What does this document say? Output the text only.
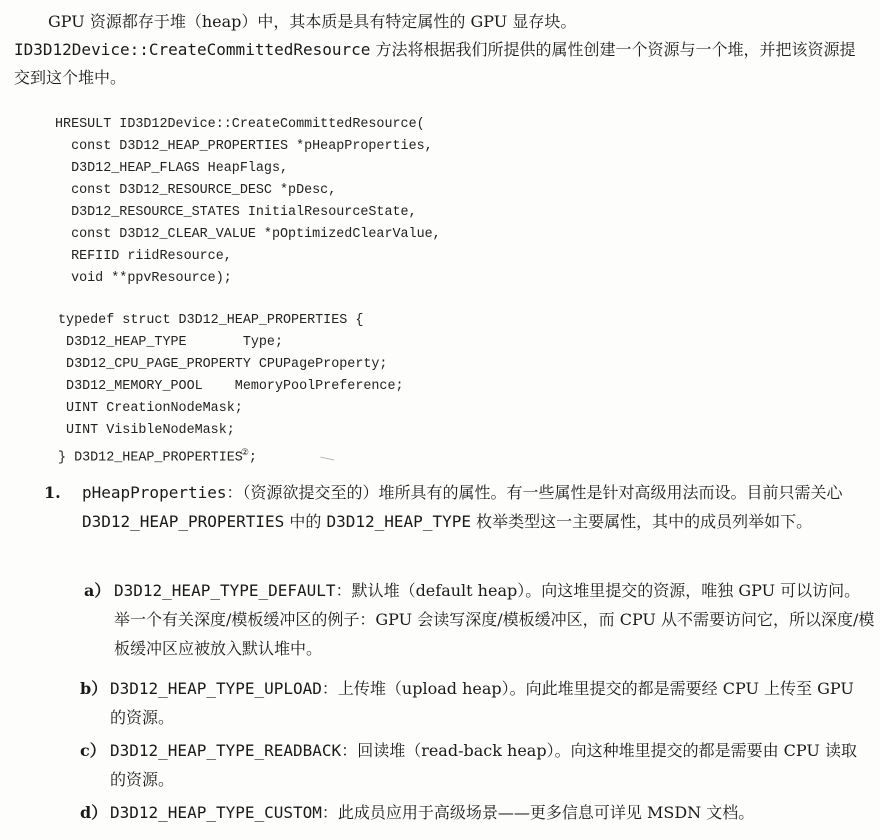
GPU 资源都存于堆（heap）中，其本质是具有特定属性的 GPU 显存块。ID3D12Device::CreateCommittedResource 方法将根据我们所提供的属性创建一个资源与一个堆，并把该资源提交到这个堆中。
HRESULT ID3D12Device::CreateCommittedResource(
const D3D12_HEAP_PROPERTIES *pHeapProperties,
D3D12_HEAP_FLAGS HeapFlags,
const D3D12_RESOURCE_DESC *pDesc,
D3D12_RESOURCE_STATES InitialResourceState,
const D3D12_CLEAR_VALUE *pOptimizedClearValue,
REFIID riidResource,
void **ppvResource);
typedef struct D3D12_HEAP_PROPERTIES {
D3D12_HEAP_TYPE       Type;
D3D12_CPU_PAGE_PROPERTY CPUPageProperty;
D3D12_MEMORY_POOL    MemoryPoolPreference;
UINT CreationNodeMask;
UINT VisibleNodeMask;
} D3D12_HEAP_PROPERTIES②;
1. pHeapProperties：（资源欲提交至的）堆所具有的属性。有一些属性是针对高级用法而设。目前只需关心 D3D12_HEAP_PROPERTIES 中的 D3D12_HEAP_TYPE 枚举类型这一主要属性，其中的成员列举如下。
a） D3D12_HEAP_TYPE_DEFAULT：默认堆（default heap）。向这堆里提交的资源，唯独 GPU 可以访问。举一个有关深度/模板缓冲区的例子：GPU 会读写深度/模板缓冲区，而 CPU 从不需要访问它，所以深度/模板缓冲区应被放入默认堆中。
b） D3D12_HEAP_TYPE_UPLOAD：上传堆（upload heap）。向此堆里提交的都是需要经 CPU 上传至 GPU 的资源。
c） D3D12_HEAP_TYPE_READBACK：回读堆（read-back heap）。向这种堆里提交的都是需要由 CPU 读取的资源。
d） D3D12_HEAP_TYPE_CUSTOM：此成员应用于高级场景——更多信息可详见 MSDN 文档。
